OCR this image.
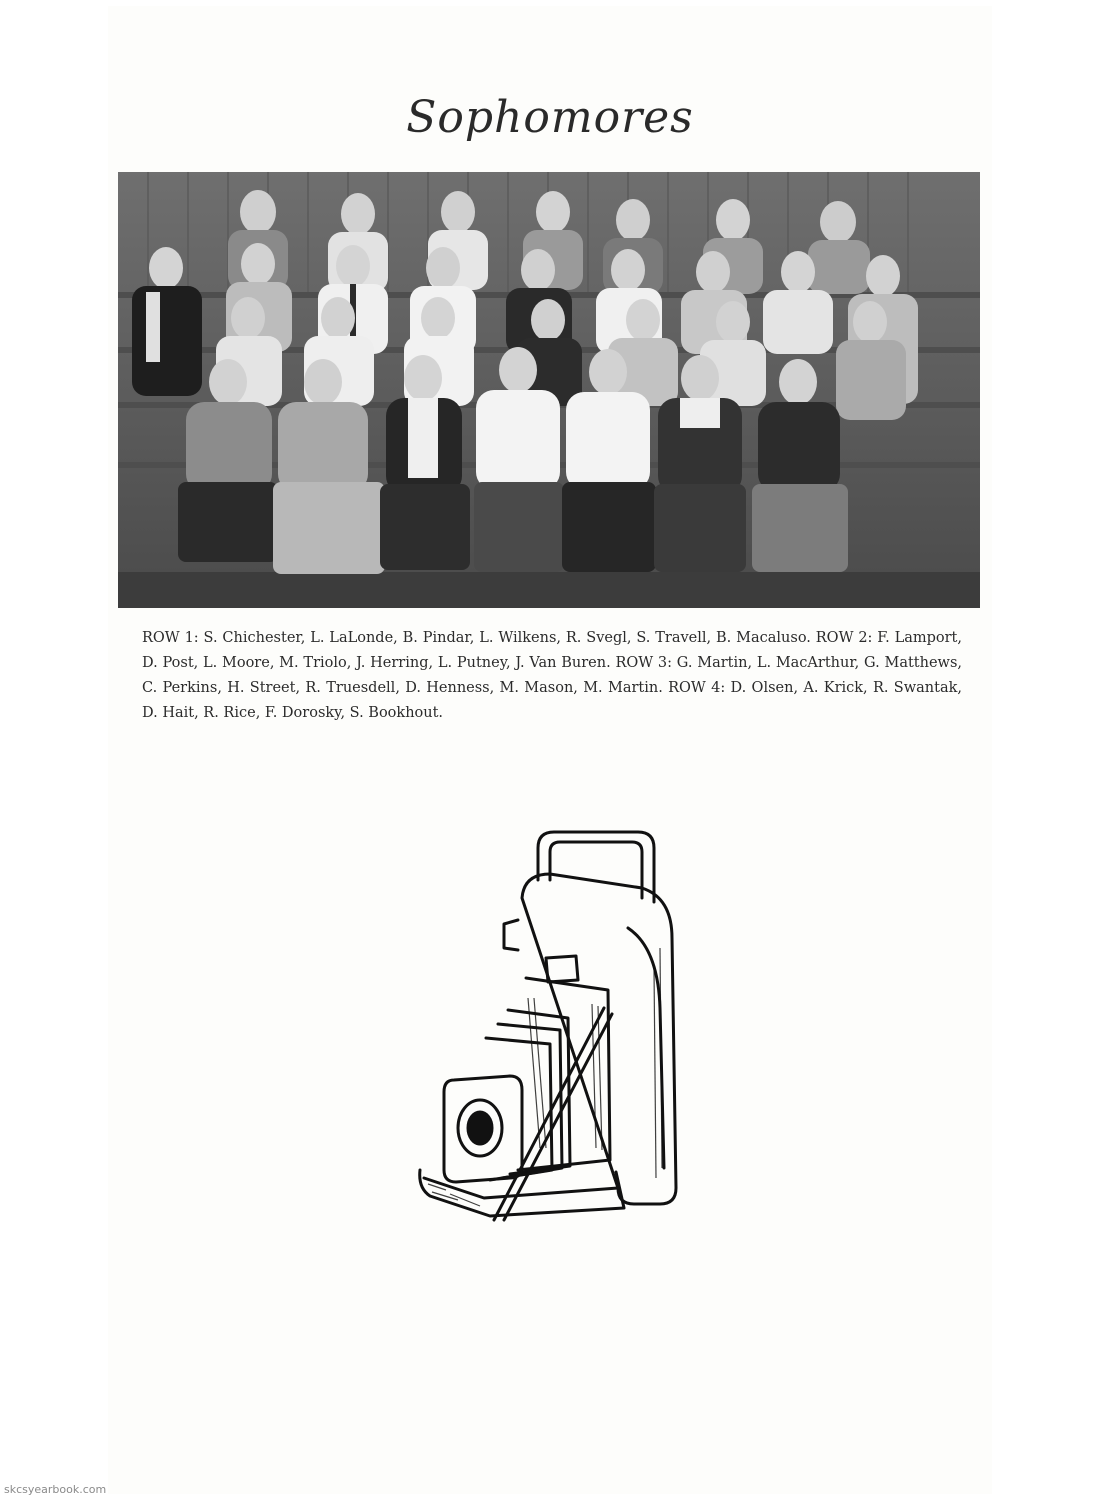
Sophomores

ROW 1: S. Chichester, L. LaLonde, B. Pindar, L. Wilkens, R. Svegl, S. Travell, B. Macaluso. ROW 2: F. Lamport, D. Post, L. Moore, M. Triolo, J. Herring, L. Putney, J. Van Buren. ROW 3: G. Martin, L. MacArthur, G. Matthews, C. Perkins, H. Street, R. Truesdell, D. Henness, M. Mason, M. Martin. ROW 4: D. Olsen, A. Krick, R. Swantak, D. Hait, R. Rice, F. Dorosky, S. Bookhout.

skcsyearbook.com
